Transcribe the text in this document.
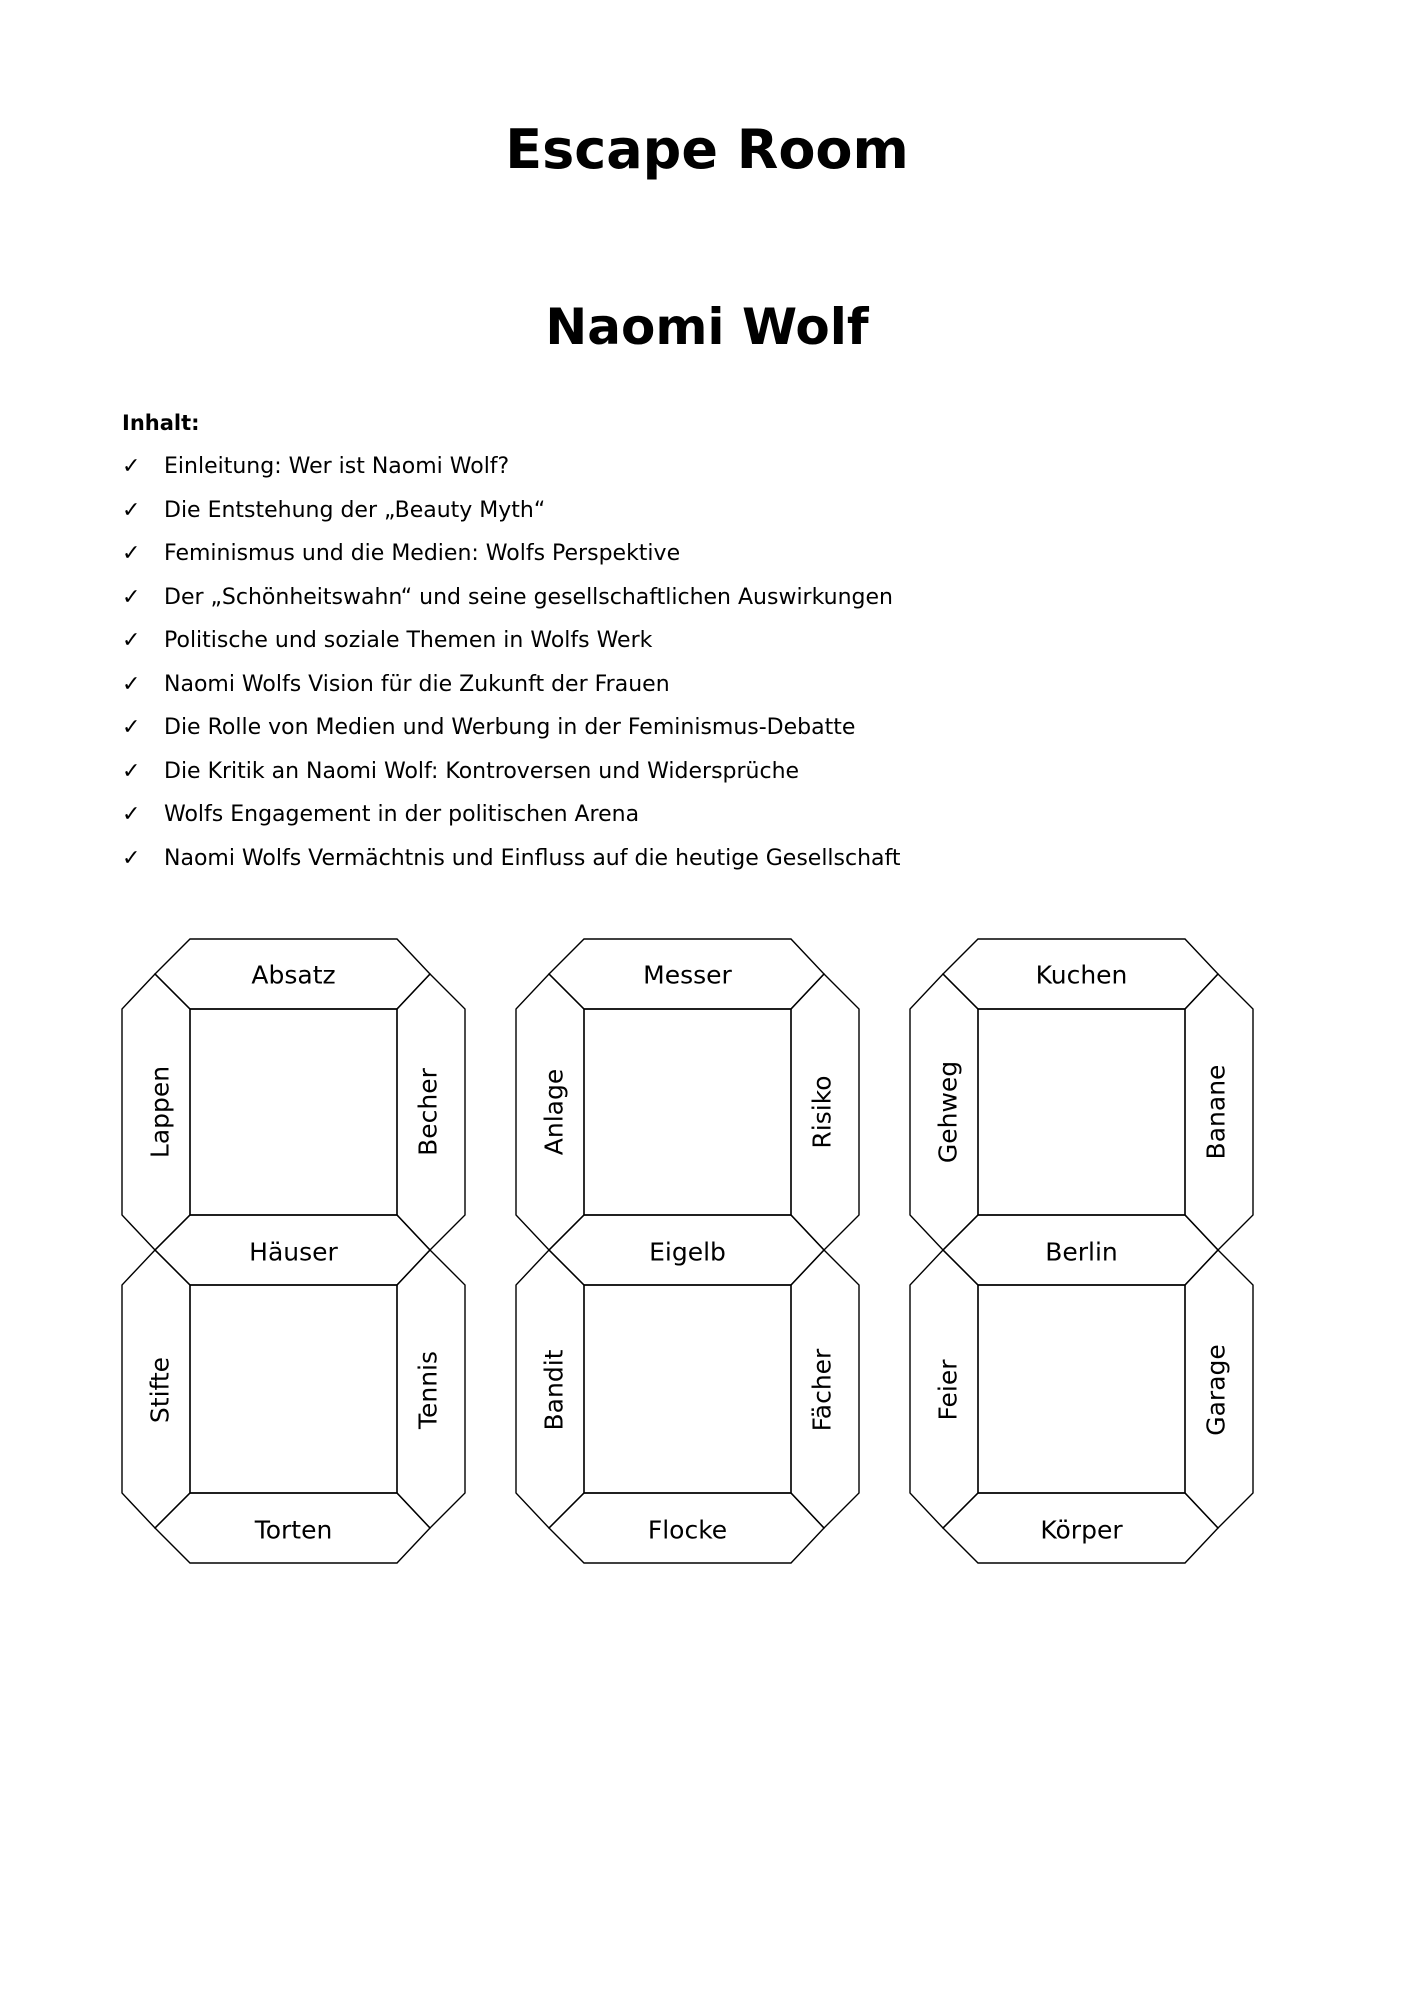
Escape Room
Naomi Wolf
Inhalt:
✓ Einleitung: Wer ist Naomi Wolf?
✓ Die Entstehung der „Beauty Myth“
✓ Feminismus und die Medien: Wolfs Perspektive
✓ Der „Schönheitswahn“ und seine gesellschaftlichen Auswirkungen
✓ Politische und soziale Themen in Wolfs Werk
✓ Naomi Wolfs Vision für die Zukunft der Frauen
✓ Die Rolle von Medien und Werbung in der Feminismus-Debatte
✓ Die Kritik an Naomi Wolf: Kontroversen und Widersprüche
✓ Wolfs Engagement in der politischen Arena
✓ Naomi Wolfs Vermächtnis und Einfluss auf die heutige Gesellschaft
Absatz
Lappen	Becher
Häuser
Stifte	Tennis
Torten
Messer
Anlage	Risiko
Eigelb
Bandit	Fächer
Flocke
Kuchen
Gehweg	Banane
Berlin
Feier	Garage
Körper
